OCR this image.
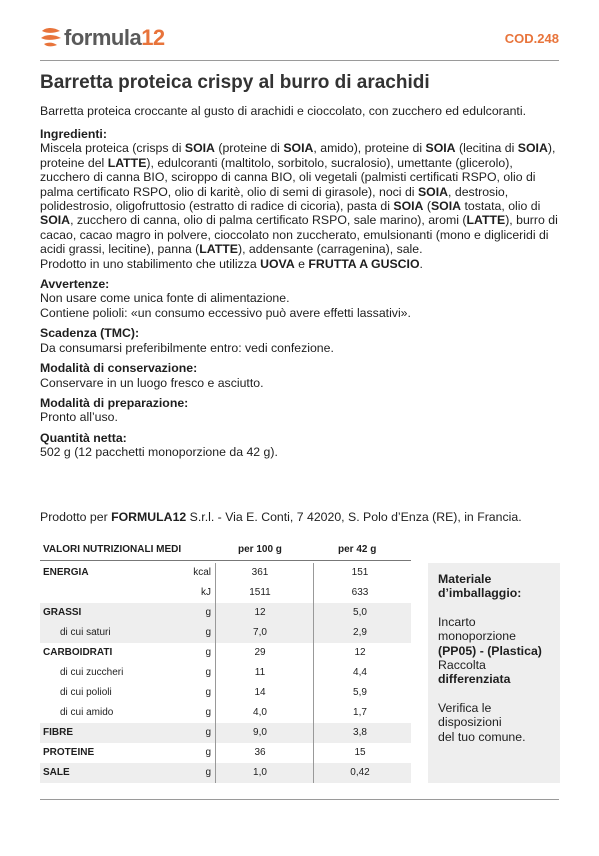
formula12	COD.248
Barretta proteica crispy al burro di arachidi
Barretta proteica croccante al gusto di arachidi e cioccolato, con zucchero ed edulcoranti.
Ingredienti:

Miscela proteica (crisps di SOIA (proteine di SOIA, amido), proteine di SOIA (lecitina di SOIA), proteine del LATTE), edulcoranti (maltitolo, sorbitolo, sucralosio), umettante (glicerolo), zucchero di canna BIO, sciroppo di canna BIO, oli vegetali (palmisti certificati RSPO, olio di palma certificato RSPO, olio di karitè, olio di semi di girasole), noci di SOIA, destrosio, polidestrosio, oligofruttosio (estratto di radice di cicoria), pasta di SOIA (SOIA tostata, olio di SOIA, zucchero di canna, olio di palma certificato RSPO, sale marino), aromi (LATTE), burro di cacao, cacao magro in polvere, cioccolato non zuccherato, emulsionanti (mono e digliceridi di acidi grassi, lecitine), panna (LATTE), addensante (carragenina), sale.

Prodotto in uno stabilimento che utilizza UOVA e FRUTTA A GUSCIO.

Avvertenze:

Non usare come unica fonte di alimentazione.

Contiene polioli: «un consumo eccessivo può avere effetti lassativi».

Scadenza (TMC):

Da consumarsi preferibilmente entro: vedi confezione.

Modalità di conservazione:

Conservare in un luogo fresco e asciutto.

Modalità di preparazione:

Pronto all’uso.

Quantità netta:

502 g (12 pacchetti monoporzione da 42 g).

Prodotto per FORMULA12 S.r.l. - Via E. Conti, 7 42020, S. Polo d’Enza (RE), in Francia.
VALORI NUTRIZIONALI MEDI	per 100 g	per 42 g
ENERGIA	kcal	361	151
kJ	1511	633
GRASSI	g	12	5,0
di cui saturi	g	7,0	2,9
CARBOIDRATI	g	29	12
di cui zuccheri	g	11	4,4
di cui polioli	g	14	5,9
di cui amido	g	4,0	1,7
FIBRE	g	9,0	3,8
PROTEINE	g	36	15
SALE	g	1,0	0,42

Materiale

d’imballaggio:

Incarto

monoporzione

(PP05) - (Plastica)

Raccolta

differenziata

Verifica le

disposizioni

del tuo comune.
